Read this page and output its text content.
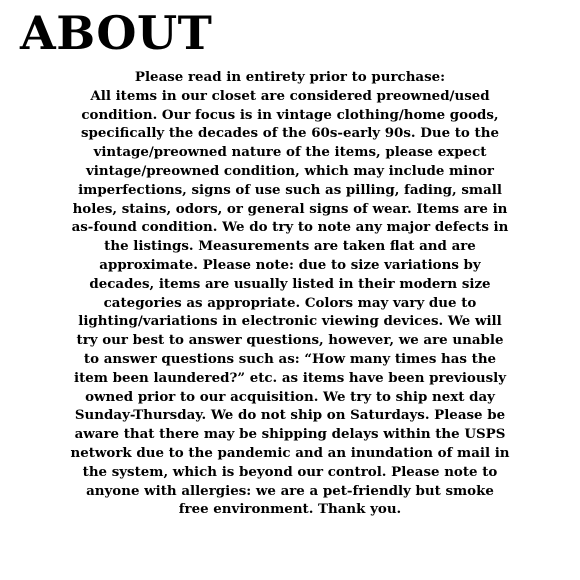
ABOUT

Please read in entirety prior to purchase:
All items in our closet are considered preowned/used
condition. Our focus is in vintage clothing/home goods,
specifically the decades of the 60s-early 90s. Due to the
vintage/preowned nature of the items, please expect
vintage/preowned condition, which may include minor
imperfections, signs of use such as pilling, fading, small
holes, stains, odors, or general signs of wear. Items are in
as-found condition. We do try to note any major defects in
the listings. Measurements are taken flat and are
approximate. Please note: due to size variations by
decades, items are usually listed in their modern size
categories as appropriate. Colors may vary due to
lighting/variations in electronic viewing devices. We will
try our best to answer questions, however, we are unable
to answer questions such as: “How many times has the
item been laundered?” etc. as items have been previously
owned prior to our acquisition. We try to ship next day
Sunday-Thursday. We do not ship on Saturdays. Please be
aware that there may be shipping delays within the USPS
network due to the pandemic and an inundation of mail in
the system, which is beyond our control. Please note to
anyone with allergies: we are a pet-friendly but smoke
free environment. Thank you.
